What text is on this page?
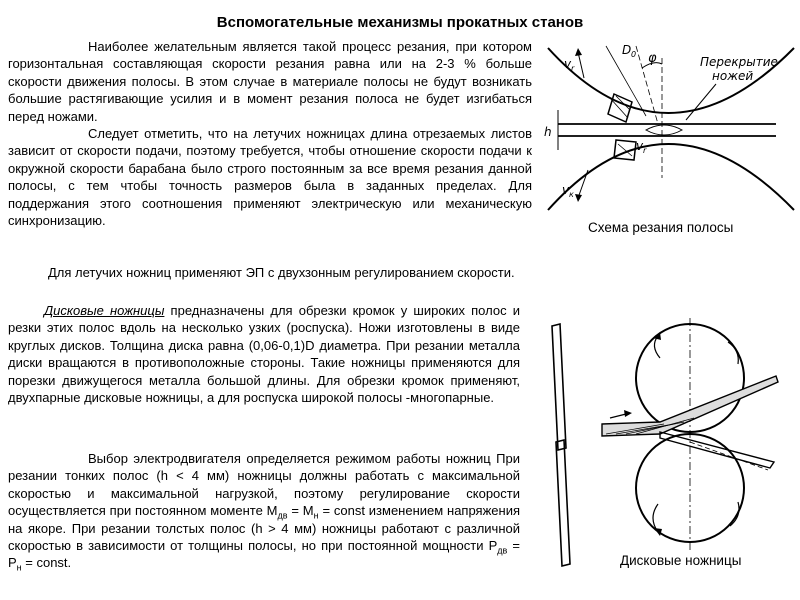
Вспомогательные механизмы прокатных станов

Наиболее желательным является такой процесс резания, при котором горизонтальная составляющая скорости резания равна или на 2-3 % больше скорости движения полосы. В этом случае в материале полосы не будут возникать большие растягивающие усилия и в момент резания полоса не будет изгибаться перед ножами.
Следует отметить, что на летучих ножницах длина отрезаемых листов зависит от скорости подачи, поэтому требуется, чтобы отношение скорости подачи к окружной скорости барабана было строго постоянным за все время резания данной полосы, с тем чтобы точность размеров была в заданных пределах. Для поддержания этого соотношения применяют электрическую или механическую синхронизацию.

Для летучих ножниц применяют ЭП с двухзонным регулированием скорости.

Дисковые ножницы предназначены для обрезки кромок у широких полос и резки этих полос вдоль на несколько узких (роспуска). Ножи изготовлены в виде круглых дисков. Толщина диска равна (0,06-0,1)D диаметра. При резании металла диски вращаются в противоположные стороны. Такие ножницы применяются для порезки движущегося металла большой длины. Для обрезки кромок применяют, двухпарные дисковые ножницы, а для роспуска широкой полосы -многопарные.

Выбор электродвигателя определяется режимом работы ножниц При резании тонких полос (h < 4 мм) ножницы должны работать с максимальной скоростью и максимальной нагрузкой, поэтому регулирование скорости осуществляется при постоянном моменте $М_{дв} = М_н$ = const изменением напряжения на якоре. При резании толстых полос (h > 4 мм) ножницы работают с различной скоростью в зависимости от толщины полосы, но при постоянной мощности $Р_{дв} = Р_н$ = const.

h
φ
v r
D 0
Перекрытие
ножей
v r
v к
Схема резания полосы
Дисковые ножницы
